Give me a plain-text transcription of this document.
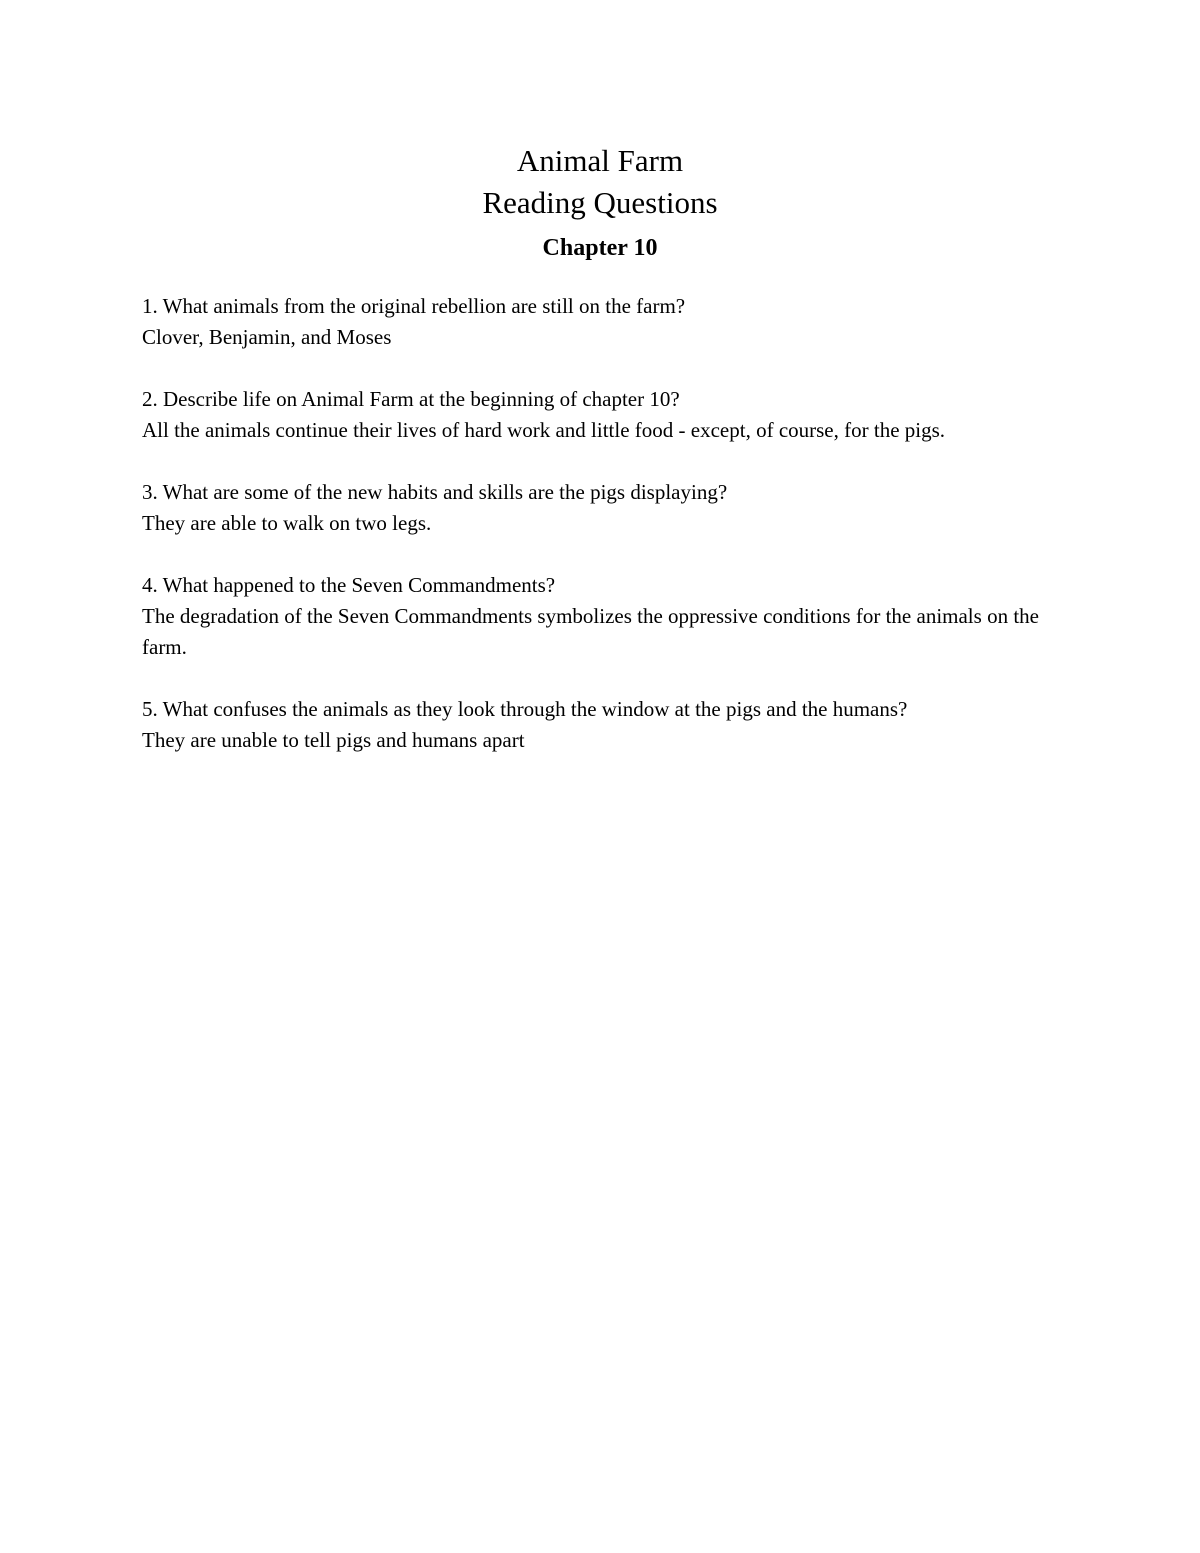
Animal Farm
Reading Questions
Chapter 10

1. What animals from the original rebellion are still on the farm?

Clover, Benjamin, and Moses

2. Describe life on Animal Farm at the beginning of chapter 10?

All the animals continue their lives of hard work and little food - except, of course, for the pigs.

3. What are some of the new habits and skills are the pigs displaying?

They are able to walk on two legs.

4. What happened to the Seven Commandments?

The degradation of the Seven Commandments symbolizes the oppressive conditions for the animals on the farm.

5. What confuses the animals as they look through the window at the pigs and the humans?

They are unable to tell pigs and humans apart
